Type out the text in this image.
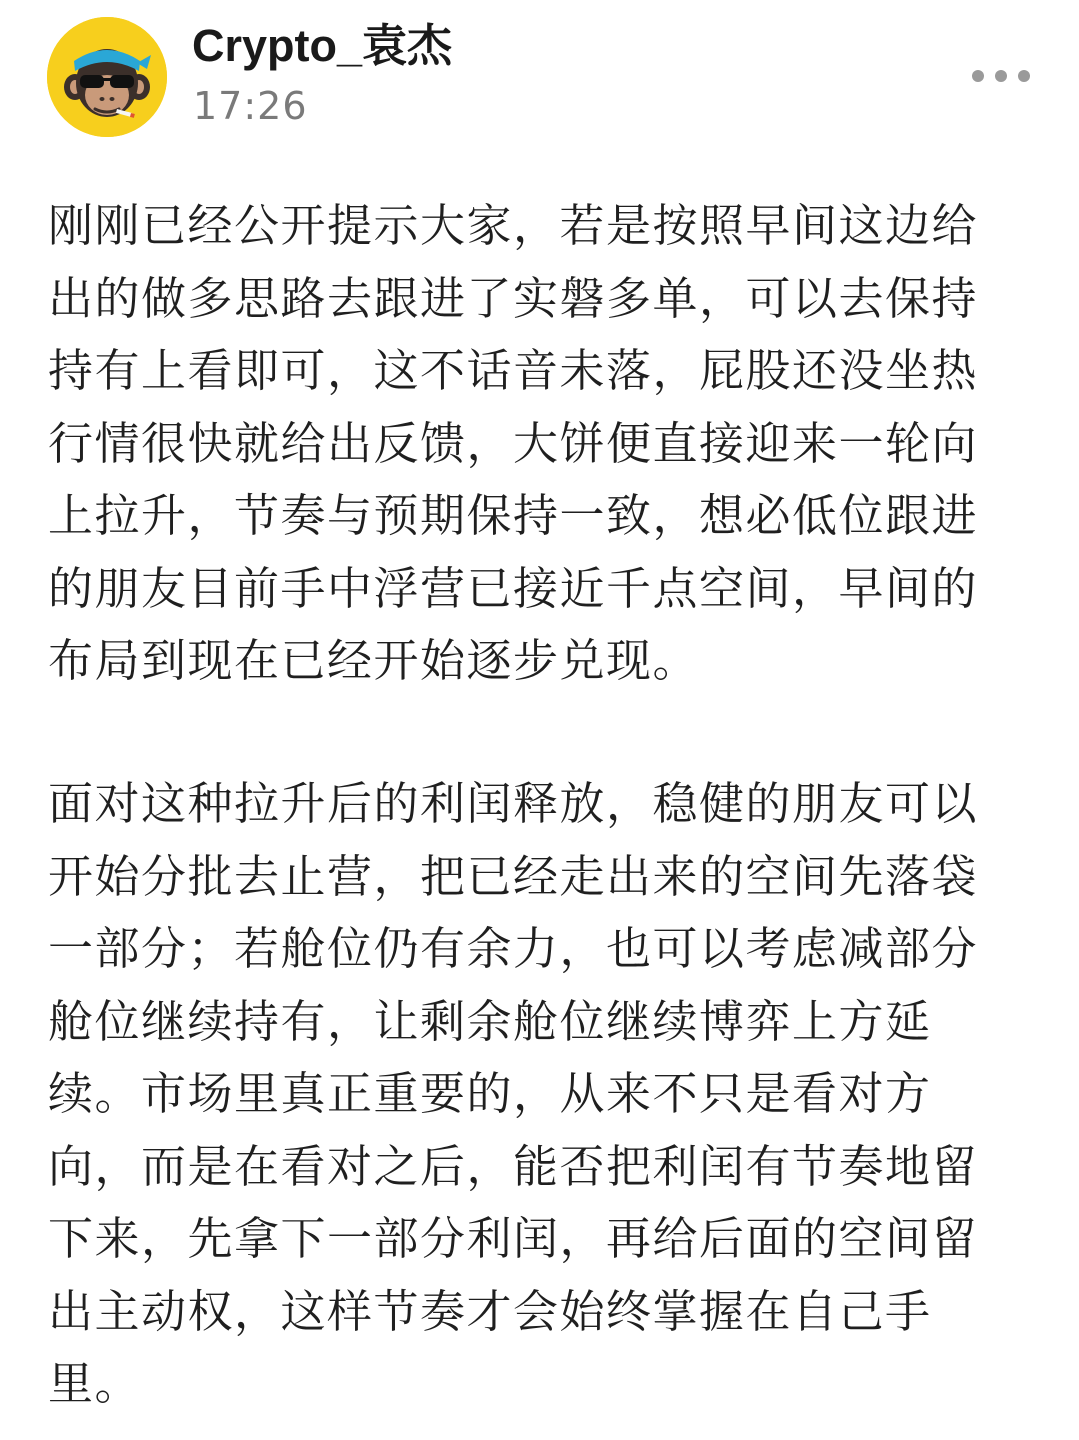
Crypto_袁杰
17:26

刚刚已经公开提示大家，若是按照早间这边给
出的做多思路去跟进了实磐多单，可以去保持
持有上看即可，这不话音未落，屁股还没坐热
行情很快就给出反馈，大饼便直接迎来一轮向
上拉升，节奏与预期保持一致，想必低位跟进
的朋友目前手中浮营已接近千点空间，早间的
布局到现在已经开始逐步兑现。

面对这种拉升后的利闰释放，稳健的朋友可以
开始分批去止营，把已经走出来的空间先落袋
一部分；若舱位仍有余力，也可以考虑减部分
舱位继续持有，让剩余舱位继续博弈上方延
续。市场里真正重要的，从来不只是看对方
向，而是在看对之后，能否把利闰有节奏地留
下来，先拿下一部分利闰，再给后面的空间留
出主动权，这样节奏才会始终掌握在自己手
里。
